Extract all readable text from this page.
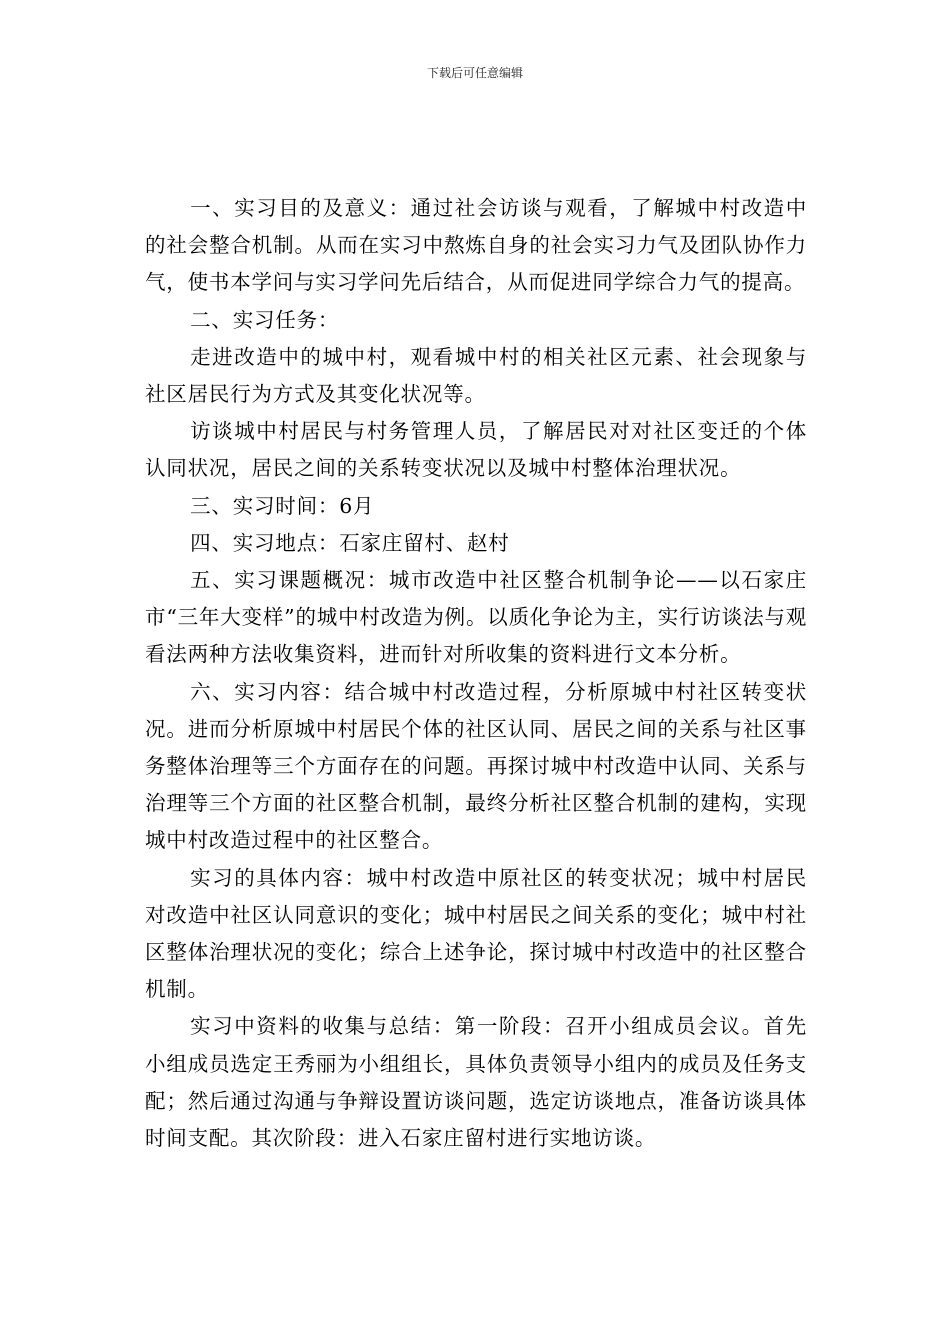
下载后可任意编辑

一、实习目的及意义：通过社会访谈与观看，了解城中村改造中的社会整合机制。从而在实习中熬炼自身的社会实习力气及团队协作力气，使书本学问与实习学问先后结合，从而促进同学综合力气的提高。

二、实习任务：

走进改造中的城中村，观看城中村的相关社区元素、社会现象与社区居民行为方式及其变化状况等。

访谈城中村居民与村务管理人员，了解居民对对社区变迁的个体认同状况，居民之间的关系转变状况以及城中村整体治理状况。

三、实习时间：6月

四、实习地点：石家庄留村、赵村

五、实习课题概况：城市改造中社区整合机制争论——以石家庄市“三年大变样”的城中村改造为例。以质化争论为主，实行访谈法与观看法两种方法收集资料，进而针对所收集的资料进行文本分析。

六、实习内容：结合城中村改造过程，分析原城中村社区转变状况。进而分析原城中村居民个体的社区认同、居民之间的关系与社区事务整体治理等三个方面存在的问题。再探讨城中村改造中认同、关系与治理等三个方面的社区整合机制，最终分析社区整合机制的建构，实现城中村改造过程中的社区整合。

实习的具体内容：城中村改造中原社区的转变状况；城中村居民对改造中社区认同意识的变化；城中村居民之间关系的变化；城中村社区整体治理状况的变化；综合上述争论，探讨城中村改造中的社区整合机制。

实习中资料的收集与总结：第一阶段：召开小组成员会议。首先小组成员选定王秀丽为小组组长，具体负责领导小组内的成员及任务支配；然后通过沟通与争辩设置访谈问题，选定访谈地点，准备访谈具体时间支配。其次阶段：进入石家庄留村进行实地访谈。
